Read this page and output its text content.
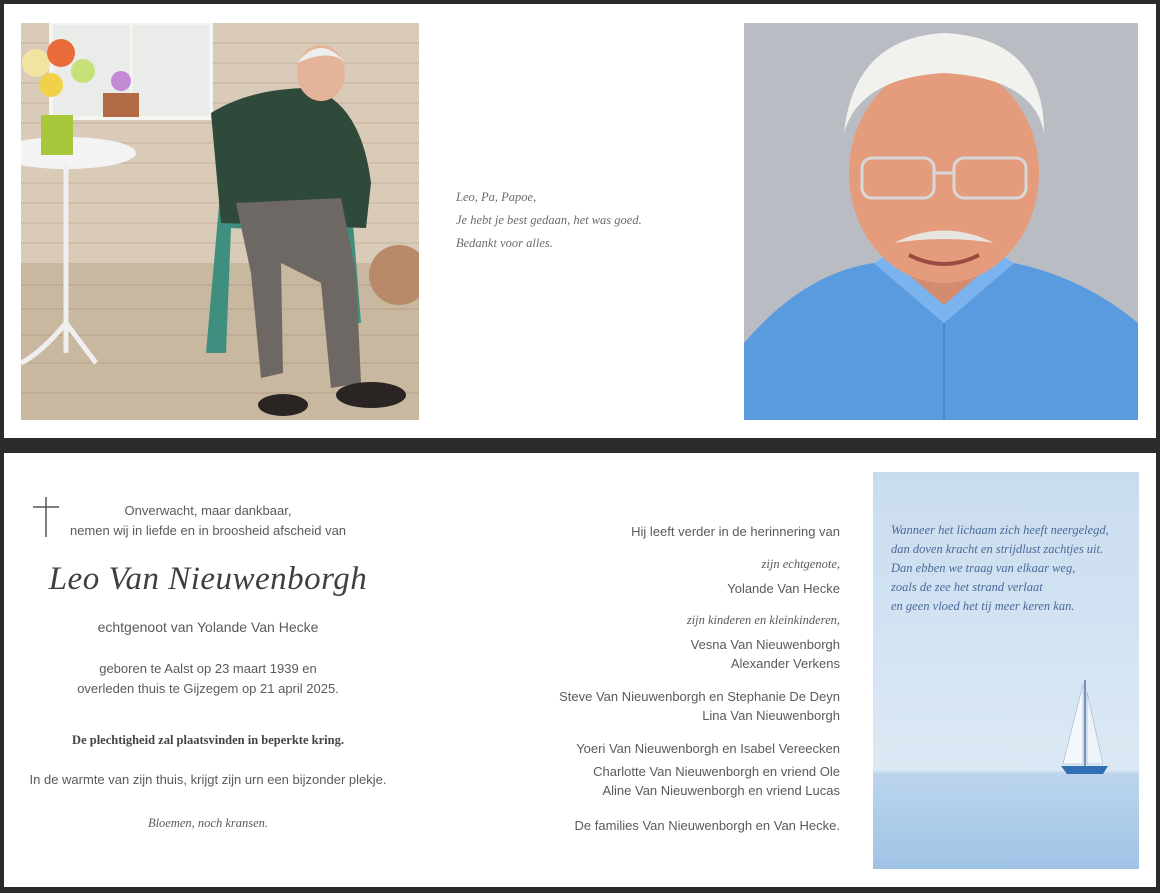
Leo, Pa, Papoe,
Je hebt je best gedaan, het was goed.
Bedankt voor alles.
Onverwacht, maar dankbaar,
nemen wij in liefde en in broosheid afscheid van
Leo Van Nieuwenborgh
echtgenoot van Yolande Van Hecke
geboren te Aalst op 23 maart 1939 en
overleden thuis te Gijzegem op 21 april 2025.
De plechtigheid zal plaatsvinden in beperkte kring.
In de warmte van zijn thuis, krijgt zijn urn een bijzonder plekje.
Bloemen, noch kransen.
Hij leeft verder in de herinnering van
zijn echtgenote,
Yolande Van Hecke
zijn kinderen en kleinkinderen,
Vesna Van Nieuwenborgh
Alexander Verkens
Steve Van Nieuwenborgh en Stephanie De Deyn
Lina Van Nieuwenborgh
Yoeri Van Nieuwenborgh en Isabel Vereecken
Charlotte Van Nieuwenborgh en vriend Ole
Aline Van Nieuwenborgh en vriend Lucas
De families Van Nieuwenborgh en Van Hecke.
Wanneer het lichaam zich heeft neergelegd,
dan doven kracht en strijdlust zachtjes uit.
Dan ebben we traag van elkaar weg,
zoals de zee het strand verlaat
en geen vloed het tij meer keren kan.
